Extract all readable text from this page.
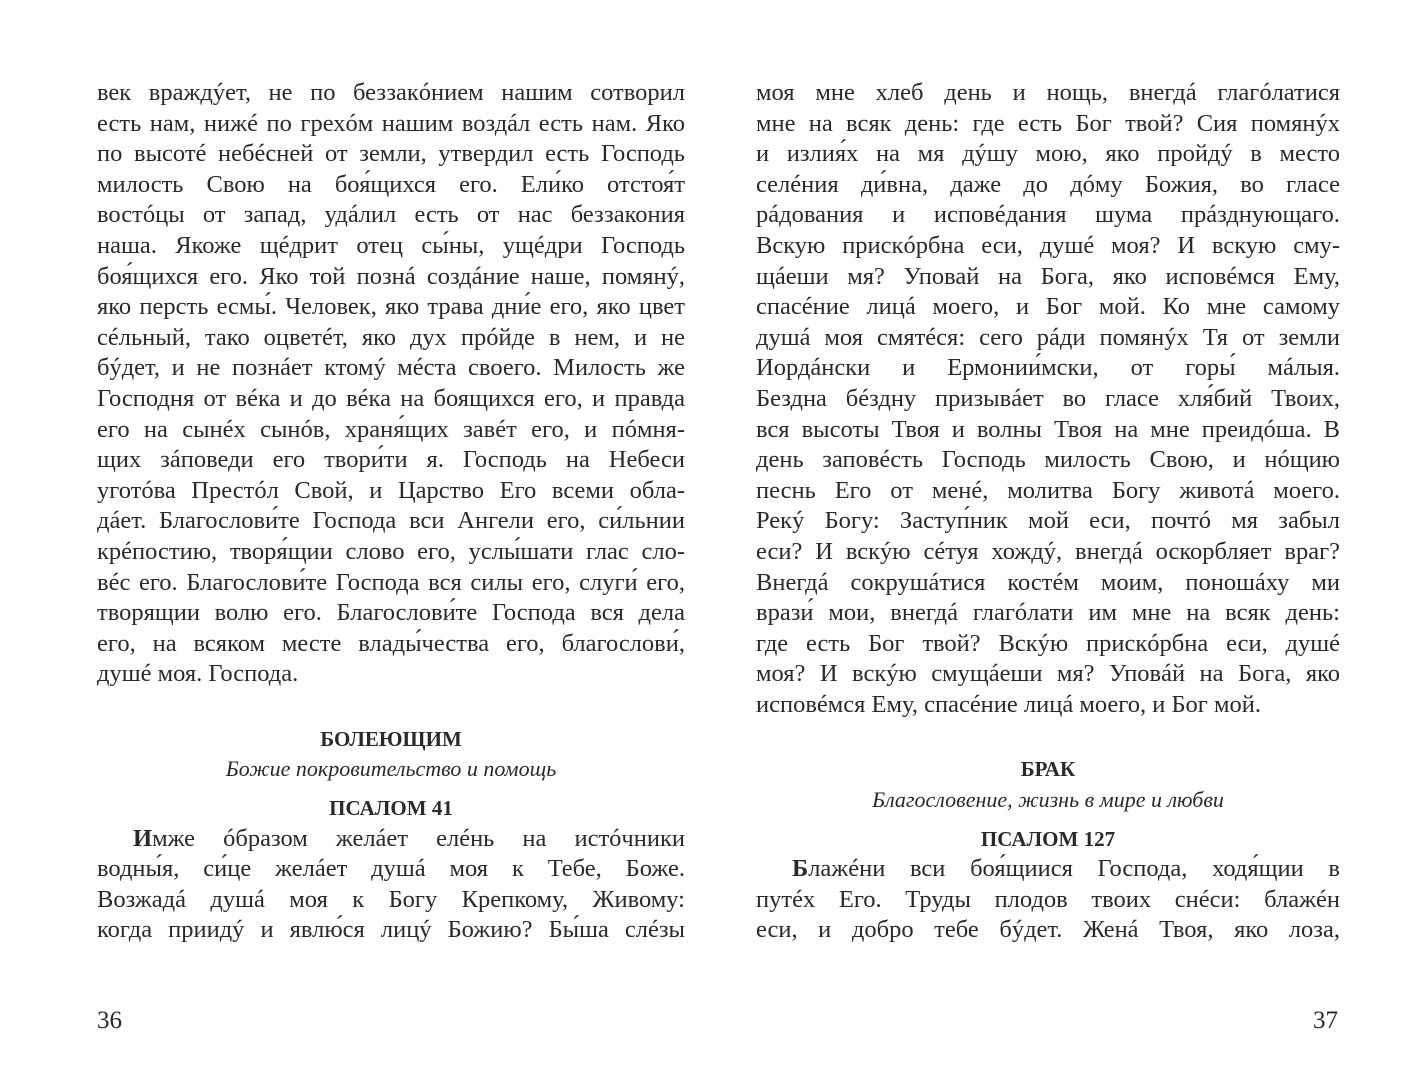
век враждýет, не по беззакóнием нашим сотворил
есть нам, нижé по грехóм нашим воздáл есть нам. Яко
по высотé небéсней от земли, утвердил есть Господь
милость Свою на боя́щихся его. Ели́ко отстоя́т
востóцы от запад, удáлил есть от нас беззакония
наша. Якоже щéдрит отец сы́ны, ущéдри Господь
боя́щихся его. Яко той познá создáние наше, помянý,
яко персть есмы́. Человек, яко трава дни́е его, яко цвет
сéльный, тако оцветéт, яко дух прóйде в нем, и не
бýдет, и не познáет ктомý мéста своего. Милость же
Господня от вéка и до вéка на боящихся его, и правда
его на сынéх сынóв, храня́щих завéт его, и пóмня-
щих зáповеди его твори́ти я. Господь на Небеси
уготóва Престóл Свой, и Царство Его всеми обла-
дáет. Благослови́те Господа вси Ангели его, си́льнии
крéпостию, творя́щии слово его, услы́шати глас сло-
вéс его. Благослови́те Господа вся силы его, слуги́ его,
творящии волю его. Благослови́те Господа вся дела
его, на всяком месте влады́чества его, благослови́,
душé моя. Господа.
БОЛЕЮЩИМ
Божие покровительство и помощь
ПСАЛОМ 41
Имже óбразом желáет елéнь на истóчники
водны́я, си́це желáет душá моя к Тебе, Боже.
Возжадá душá моя к Богу Крепкому, Живому:
когда приидý и явлю́ся лицý Божию? Бы́ша слéзы
36
моя мне хлеб день и нощь, внегдá глагóлатися
мне на всяк день: где есть Бог твой? Сия помянýх
и излия́х на мя дýшу мою, яко пройдý в место
селéния ди́вна, даже до дóму Божия, во гласе
рáдования и исповéдания шума прáзднующаго.
Вскую прискóрбна еси, душé моя? И вскую сму-
щáеши мя? Уповай на Бога, яко исповéмся Ему,
спасéние лицá моего, и Бог мой. Ко мне самому
душá моя смятéся: сего рáди помянýх Тя от земли
Иордáнски и Ермонии́мски, от горы́ мáлыя.
Бездна бéздну призывáет во гласе хля́бий Твоих,
вся высоты Твоя и волны Твоя на мне преидóша. В
день заповéсть Господь милость Свою, и нóщию
песнь Его от менé, молитва Богу животá моего.
Рекý Богу: Заступ́ник мой еси, почтó мя забыл
еси? И вскýю сéтуя хождý, внегдá оскорбляет враг?
Внегдá сокрушáтися костéм моим, поношáху ми
врази́ мои, внегдá глагóлати им мне на всяк день:
где есть Бог твой? Вскýю прискóрбна еси, душé
моя? И вскýю смущáеши мя? Уповáй на Бога, яко
исповéмся Ему, спасéние лицá моего, и Бог мой.
БРАК
Благословение, жизнь в мире и любви
ПСАЛОМ 127
Блажéни вси боя́щиися Господа, ходя́щии в
путéх Его. Труды плодов твоих снéси: блажéн
еси, и добро тебе бýдет. Женá Твоя, яко лоза,
37
